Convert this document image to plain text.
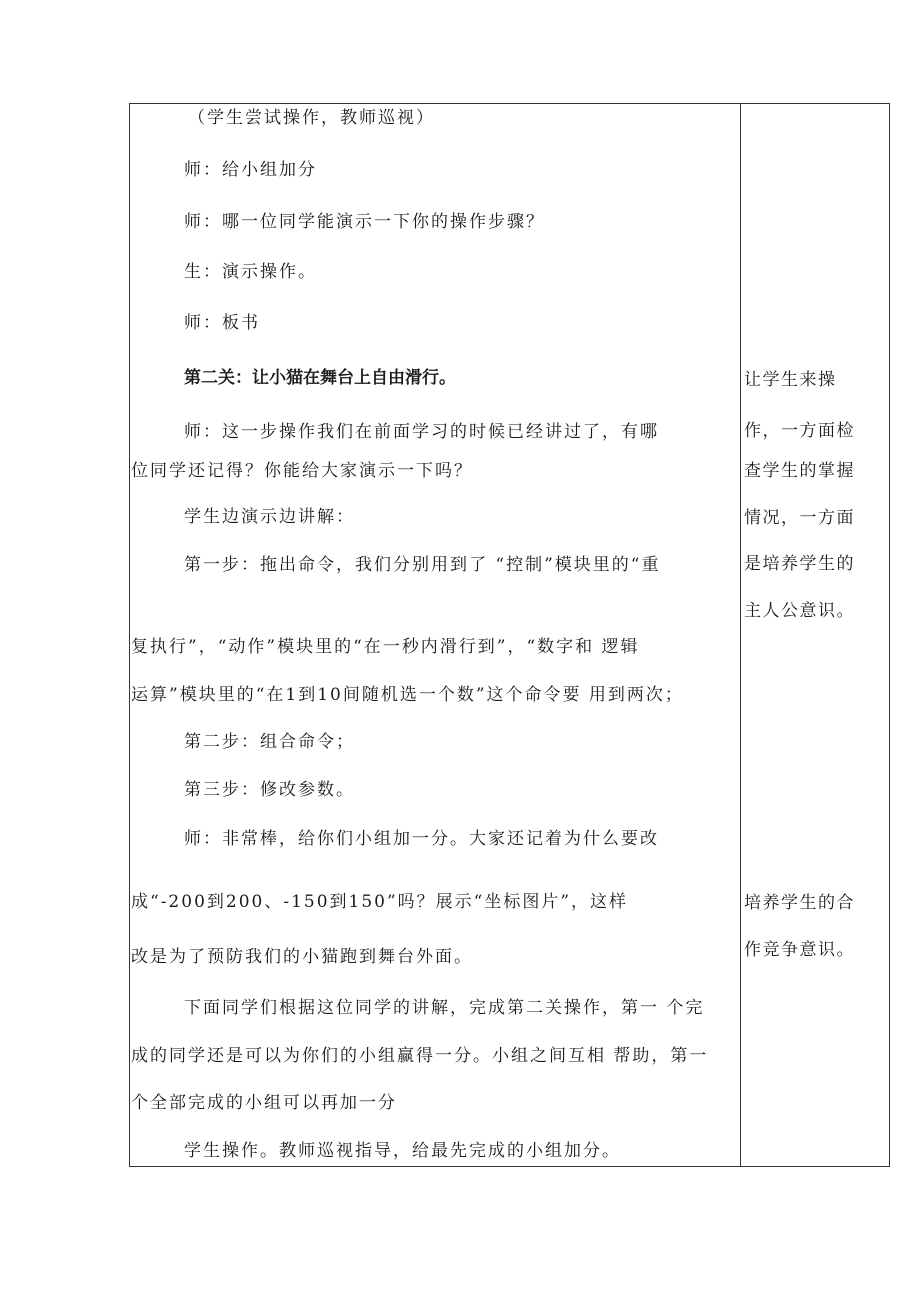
（学生尝试操作，教师巡视）
师：给小组加分
师：哪一位同学能演示一下你的操作步骤？
生：演示操作。
师：板书
第二关：让小猫在舞台上自由滑行。
师：这一步操作我们在前面学习的时候已经讲过了，有哪
位同学还记得？你能给大家演示一下吗？
学生边演示边讲解：
第一步：拖出命令，我们分别用到了 “控制”模块里的“重
复执行”，“动作”模块里的“在一秒内滑行到”，“数字和 逻辑
运算”模块里的“在1到10间随机选一个数”这个命令要 用到两次；
第二步：组合命令；
第三步：修改参数。
师：非常棒，给你们小组加一分。大家还记着为什么要改
成“-200到200、-150到150”吗？展示“坐标图片”，这样
改是为了预防我们的小猫跑到舞台外面。
下面同学们根据这位同学的讲解，完成第二关操作，第一 个完
成的同学还是可以为你们的小组赢得一分。小组之间互相 帮助，第一
个全部完成的小组可以再加一分
学生操作。教师巡视指导，给最先完成的小组加分。
让学生来操
作，一方面检
查学生的掌握
情况，一方面
是培养学生的
主人公意识。
培养学生的合
作竞争意识。
